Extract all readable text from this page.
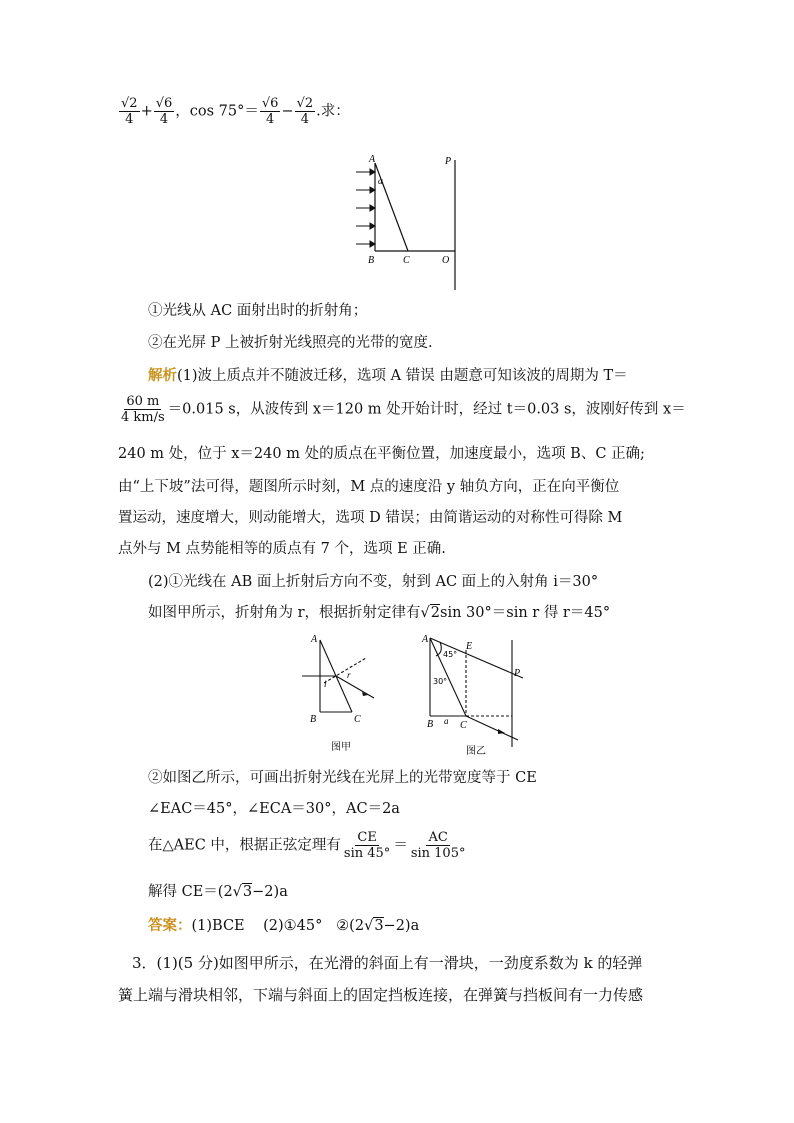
$\frac{√2}{4} + \frac{√6}{4}$ ，$\cos 75^\circ= \frac{√6}{4} - \frac{√2}{4}$ .求：
A
B	C	O
P
α
①光线从 AC 面射出时的折射角；
②在光屏 P 上被折射光线照亮的光带的宽度.
解析(1)波上质点并不随波迁移，选项 A 错误 由题意可知该波的周期为 T＝
$\frac{60 m}{4 km/s} =0.015$ s，从波传到 x＝120 m 处开始计时，经过 t＝0.03 s，波刚好传到 x＝
240 m 处，位于 x＝240 m 处的质点在平衡位置，加速度最小，选项 B、C 正确;
由“上下坡”法可得，题图所示时刻，M 点的速度沿 y 轴负方向，正在向平衡位
置运动，速度增大，则动能增大，选项 D 错误；由简谐运动的对称性可得除 M
点外与 M 点势能相等的质点有 7 个，选项 E 正确.
(2)①光线在 AB 面上折射后方向不变，射到 AC 面上的入射角 i＝30°
如图甲所示，折射角为 r，根据折射定律有√2sin 30°＝sin r 得 r＝45°
A
B	C
i
r
图甲
A
B	C
E
P
a
45°
30°
图乙
②如图乙所示，可画出折射光线在光屏上的光带宽度等于 CE
∠EAC＝45°，∠ECA＝30°，AC＝2a
在△AEC 中，根据正弦定理有 $\frac{CE}{\sin 45^\circ} = \frac{AC}{\sin 105^\circ}$
解得 CE＝(2√3−2)a
答案：(1)BCE (2)①45° ②(2√3−2)a
3．(1)(5 分)如图甲所示，在光滑的斜面上有一滑块，一劲度系数为 k 的轻弹
簧上端与滑块相邻，下端与斜面上的固定挡板连接，在弹簧与挡板间有一力传感
